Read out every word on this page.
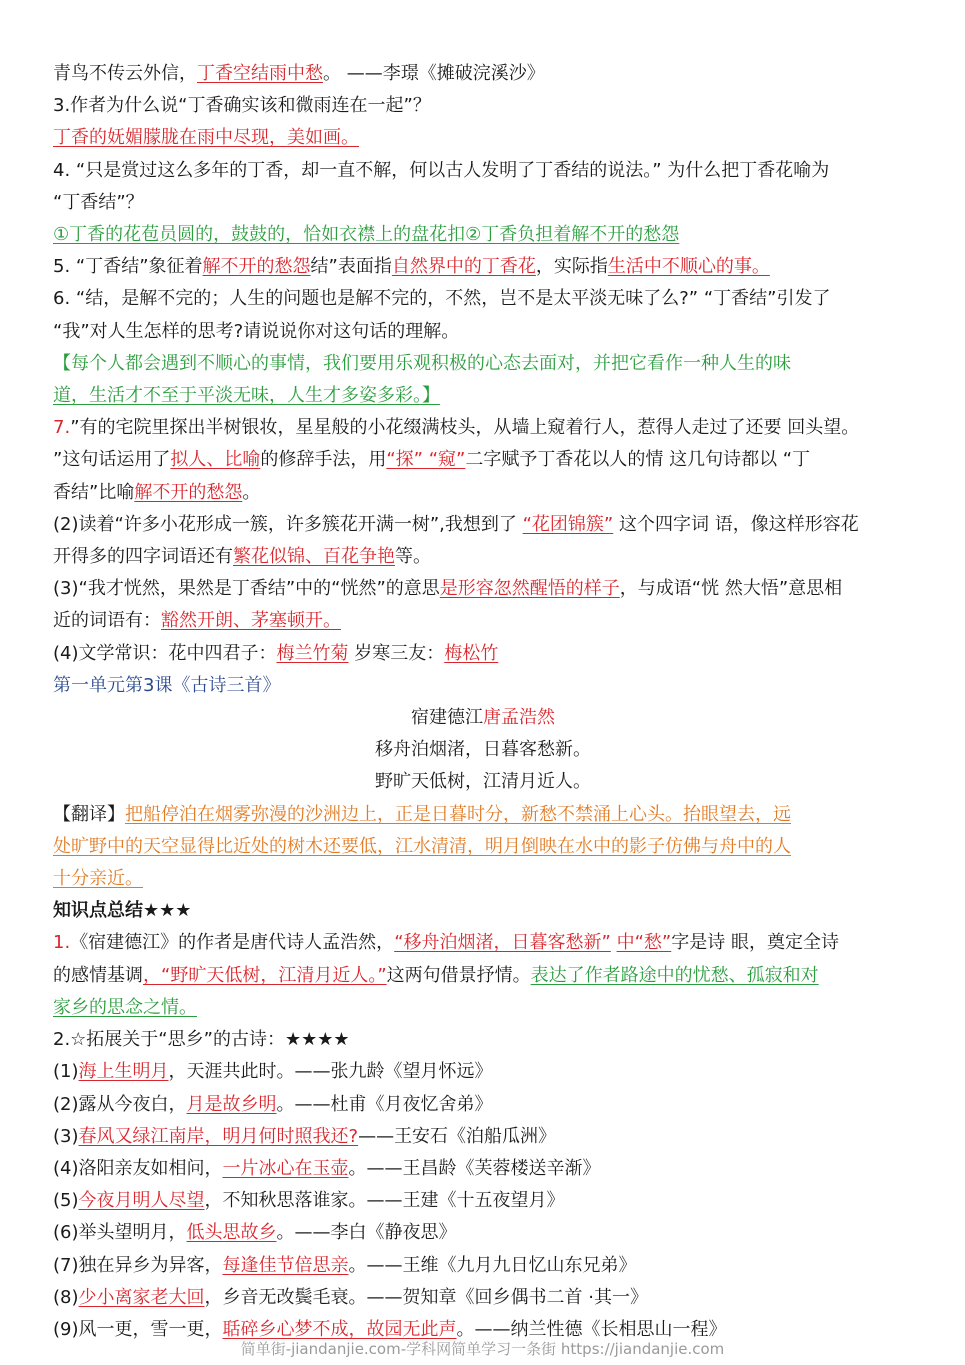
青鸟不传云外信，丁香空结雨中愁。 ——李璟《摊破浣溪沙》
3.作者为什么说“丁香确实该和微雨连在一起”？
丁香的妩媚朦胧在雨中尽现，美如画。
4. “只是赏过这么多年的丁香，却一直不解，何以古人发明了丁香结的说法。” 为什么把丁香花喻为
“丁香结”？
①丁香的花苞员圆的，鼓鼓的，恰如衣襟上的盘花扣②丁香负担着解不开的愁怨
5. “丁香结”象征着解不开的愁怨结”表面指自然界中的丁香花，实际指生活中不顺心的事。
6. “结，是解不完的；人生的问题也是解不完的，不然，岂不是太平淡无味了么?” “丁香结”引发了
“我”对人生怎样的思考?请说说你对这句话的理解。
【每个人都会遇到不顺心的事情，我们要用乐观积极的心态去面对，并把它看作一种人生的味
道，生活才不至于平淡无味，人生才多姿多彩。】
7.”有的宅院里探出半树银妆，星星般的小花缀满枝头，从墙上窥着行人，惹得人走过了还要 回头望。
”这句话运用了拟人、比喻的修辞手法，用“探” “窥”二字赋予丁香花以人的情 这几句诗都以 “丁
香结”比喻解不开的愁怨。
(2)读着“许多小花形成一簇，许多簇花开满一树”,我想到了 “花团锦簇” 这个四字词 语，像这样形容花
开得多的四字词语还有繁花似锦、百花争艳等。
(3)“我才恍然，果然是丁香结”中的“恍然”的意思是形容忽然醒悟的样子，与成语“恍 然大悟”意思相
近的词语有：豁然开朗、茅塞顿开。
(4)文学常识：花中四君子：梅兰竹菊 岁寒三友：梅松竹
第一单元第3课《古诗三首》
宿建德江唐孟浩然
移舟泊烟渚，日暮客愁新。
野旷天低树，江清月近人。
【翻译】把船停泊在烟雾弥漫的沙洲边上，正是日暮时分，新愁不禁涌上心头。抬眼望去，远
处旷野中的天空显得比近处的树木还要低，江水清清，明月倒映在水中的影子仿佛与舟中的人
十分亲近。
知识点总结★★★
1.《宿建德江》的作者是唐代诗人孟浩然，“移舟泊烟渚，日暮客愁新” 中“愁”字是诗 眼，奠定全诗
的感情基调，“野旷天低树，江清月近人。”这两句借景抒情。表达了作者路途中的忧愁、孤寂和对
家乡的思念之情。
2.☆拓展关于“思乡”的古诗：★★★★
(1)海上生明月，天涯共此时。——张九龄《望月怀远》
(2)露从今夜白，月是故乡明。——杜甫《月夜忆舍弟》
(3)春风又绿江南岸，明月何时照我还?——王安石《泊船瓜洲》
(4)洛阳亲友如相问，一片冰心在玉壶。——王昌龄《芙蓉楼送辛渐》
(5)今夜月明人尽望，不知秋思落谁家。——王建《十五夜望月》
(6)举头望明月，低头思故乡。——李白《静夜思》
(7)独在异乡为异客，每逢佳节倍思亲。——王维《九月九日忆山东兄弟》
(8)少小离家老大回，乡音无改鬓毛衰。——贺知章《回乡偶书二首 ·其一》
(9)风一更，雪一更，聒碎乡心梦不成，故园无此声。——纳兰性德《长相思山一程》
简单街-jiandanjie.com-学科网简单学习一条街 https://jiandanjie.com
